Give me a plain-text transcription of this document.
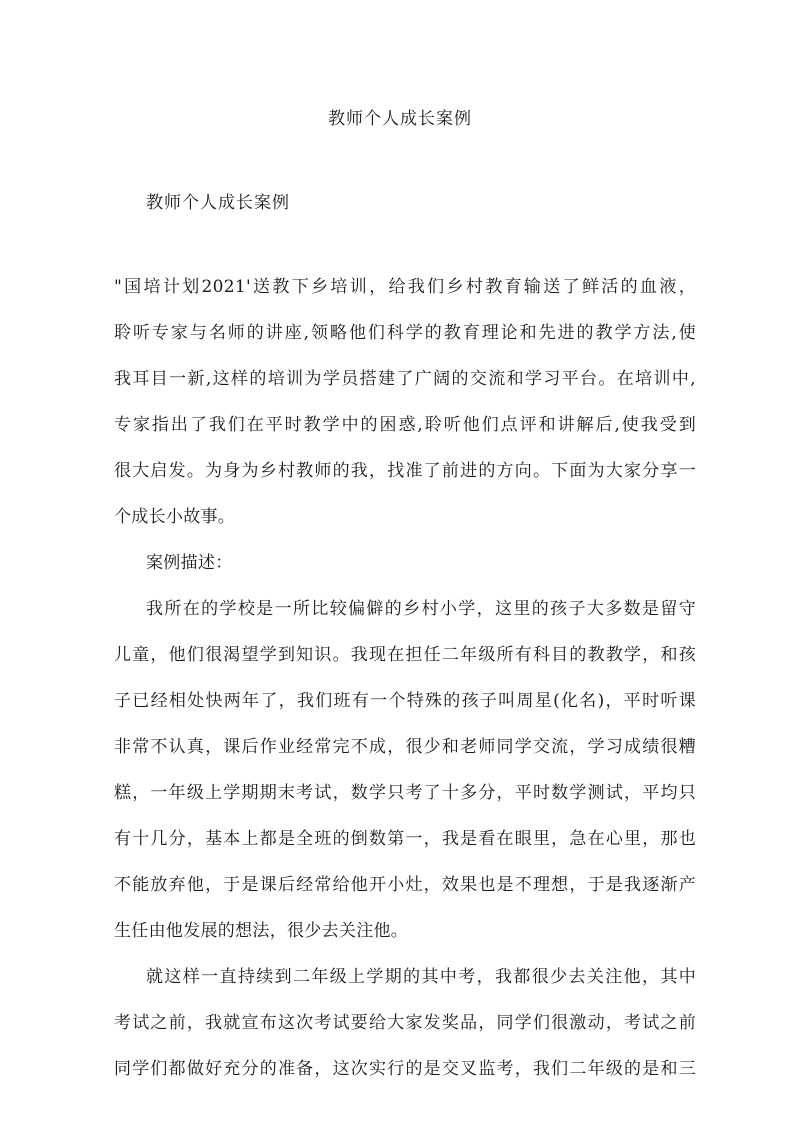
教师个人成长案例
教师个人成长案例
"国培计划2021'送教下乡培训，给我们乡村教育输送了鲜活的血液，
聆听专家与名师的讲座,领略他们科学的教育理论和先进的教学方法,使
我耳目一新,这样的培训为学员搭建了广阔的交流和学习平台。在培训中,
专家指出了我们在平时教学中的困惑,聆听他们点评和讲解后,使我受到
很大启发。为身为乡村教师的我，找准了前进的方向。下面为大家分享一
个成长小故事。
案例描述：
我所在的学校是一所比较偏僻的乡村小学，这里的孩子大多数是留守
儿童，他们很渴望学到知识。我现在担任二年级所有科目的教教学，和孩
子已经相处快两年了，我们班有一个特殊的孩子叫周星(化名)，平时听课
非常不认真，课后作业经常完不成，很少和老师同学交流，学习成绩很糟
糕，一年级上学期期末考试，数学只考了十多分，平时数学测试，平均只
有十几分，基本上都是全班的倒数第一，我是看在眼里，急在心里，那也
不能放弃他，于是课后经常给他开小灶，效果也是不理想，于是我逐渐产
生任由他发展的想法，很少去关注他。
就这样一直持续到二年级上学期的其中考，我都很少去关注他，其中
考试之前，我就宣布这次考试要给大家发奖品，同学们很激动，考试之前
同学们都做好充分的准备，这次实行的是交叉监考，我们二年级的是和三
